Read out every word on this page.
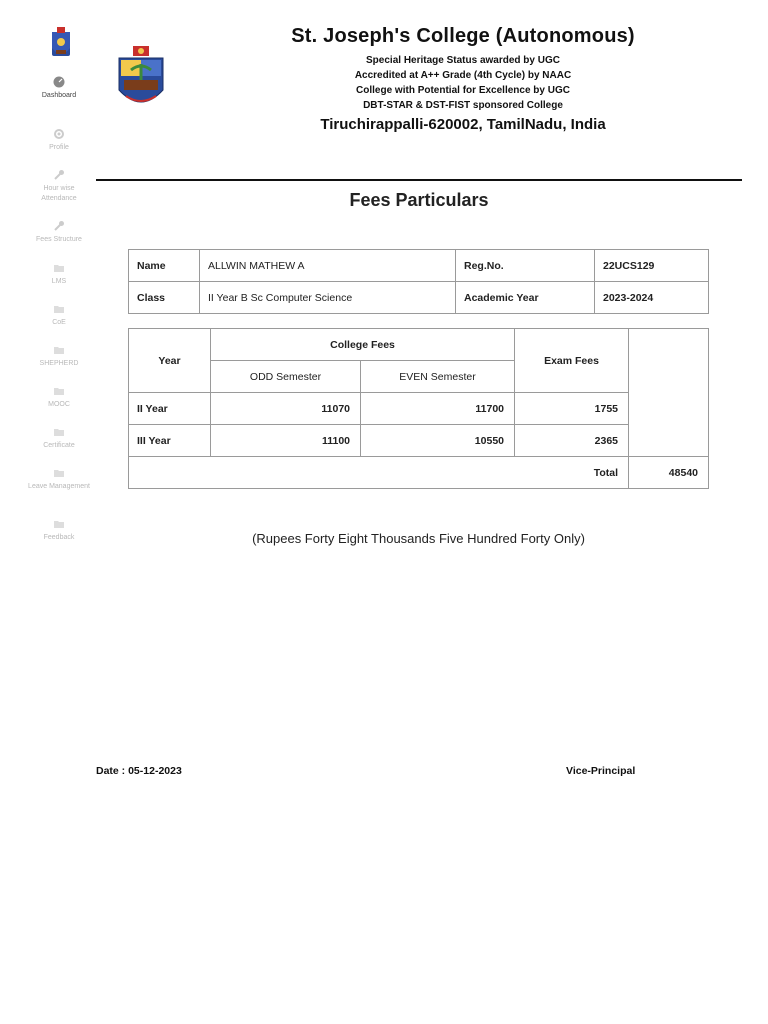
Dashboard
Profile
Hour wise Attendance
Fees Structure
LMS
CoE
SHEPHERD
MOOC
Certificate
Leave Management
Feedback
St. Joseph's College (Autonomous)
Special Heritage Status awarded by UGC
Accredited at A++ Grade (4th Cycle) by NAAC
College with Potential for Excellence by UGC
DBT-STAR & DST-FIST sponsored College
Tiruchirappalli-620002, TamilNadu, India
Fees Particulars
Name	ALLWIN MATHEW A	Reg.No.	22UCS129
Class	II Year B Sc Computer Science	Academic Year	2023-2024
Year	College Fees		Exam Fees	
	ODD Semester	EVEN Semester		
II Year	11070	11700	1755	
III Year	11100	10550	2365	
Total				48540
(Rupees Forty Eight Thousands Five Hundred Forty Only)
Date : 05-12-2023	Vice-Principal
